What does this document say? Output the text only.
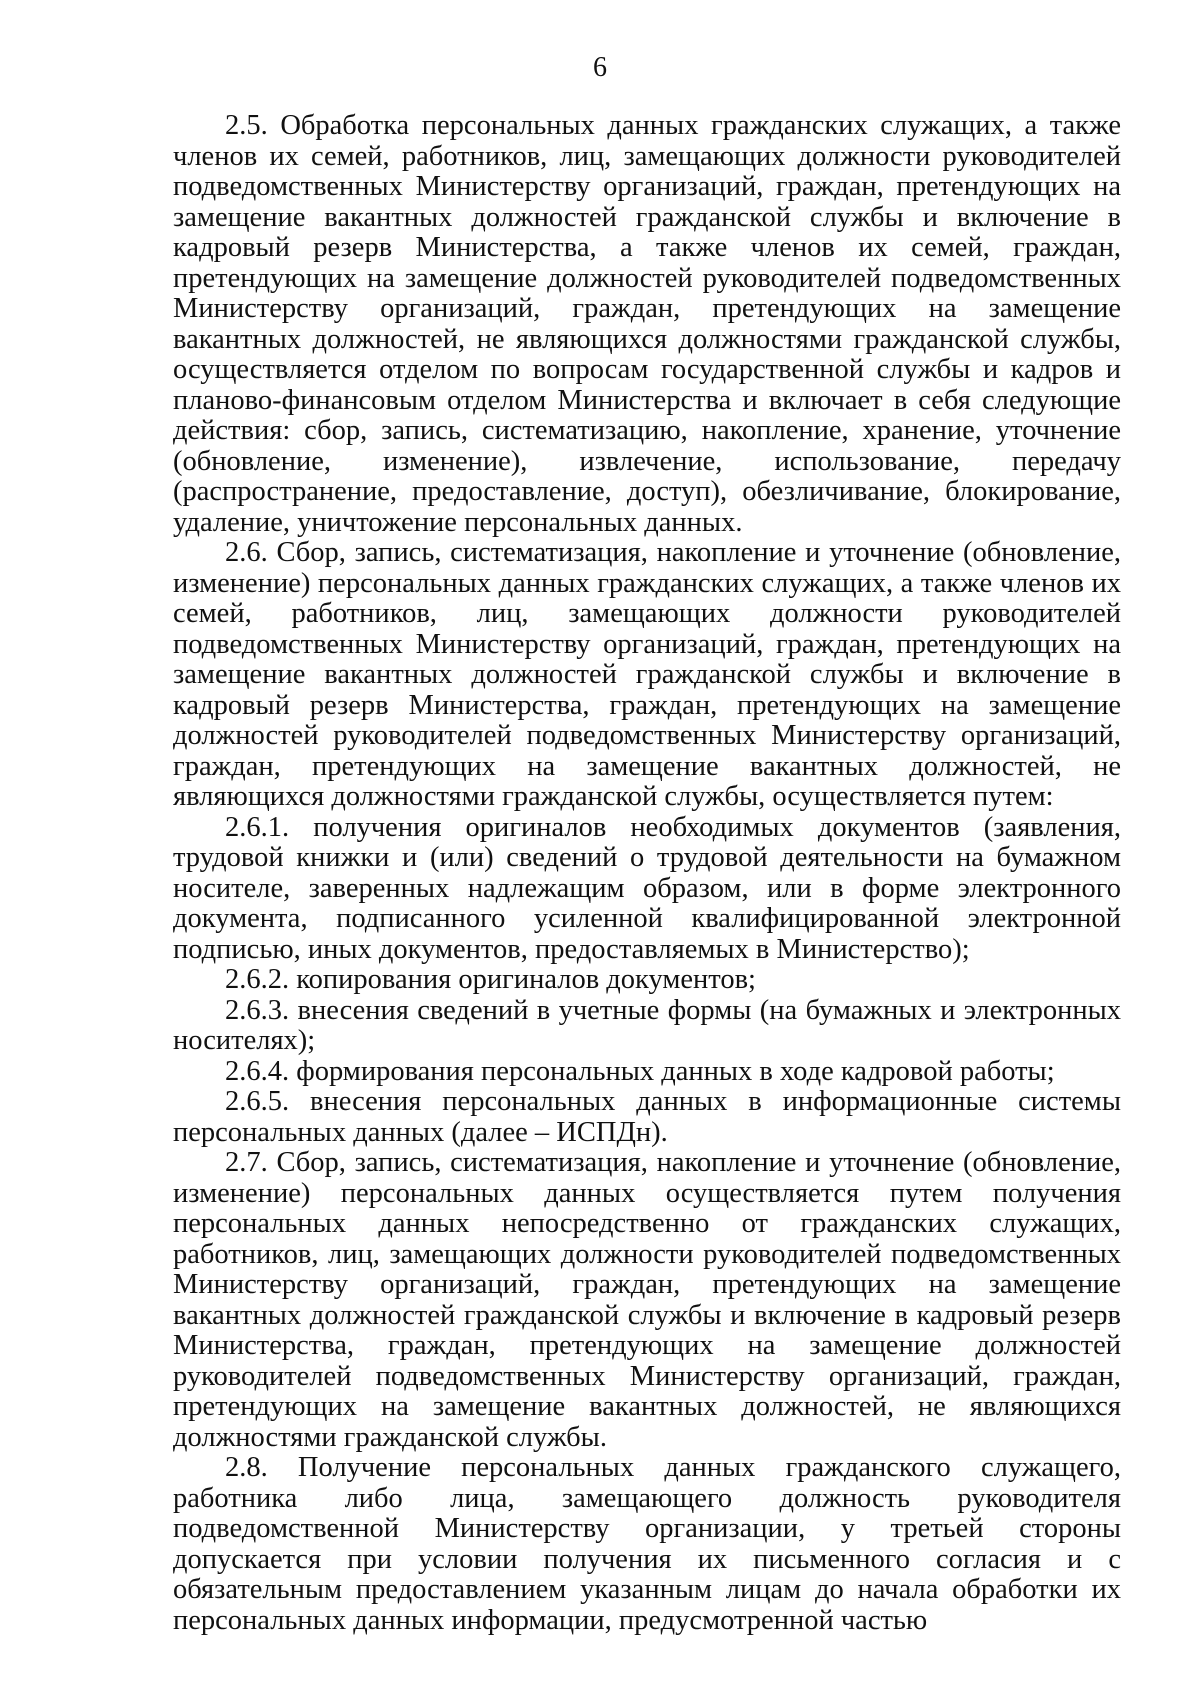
6

2.5. Обработка персональных данных гражданских служащих, а также членов их семей, работников, лиц, замещающих должности руководителей подведомственных Министерству организаций, граждан, претендующих на замещение вакантных должностей гражданской службы и включение в кадровый резерв Министерства, а также членов их семей, граждан, претендующих на замещение должностей руководителей подведомственных Министерству организаций, граждан, претендующих на замещение вакантных должностей, не являющихся должностями гражданской службы, осуществляется отделом по вопросам государственной службы и кадров и планово-финансовым отделом Министерства и включает в себя следующие действия: сбор, запись, систематизацию, накопление, хранение, уточнение (обновление, изменение), извлечение, использование, передачу (распространение, предоставление, доступ), обезличивание, блокирование, удаление, уничтожение персональных данных.

2.6. Сбор, запись, систематизация, накопление и уточнение (обновление, изменение) персональных данных гражданских служащих, а также членов их семей, работников, лиц, замещающих должности руководителей подведомственных Министерству организаций, граждан, претендующих на замещение вакантных должностей гражданской службы и включение в кадровый резерв Министерства, граждан, претендующих на замещение должностей руководителей подведомственных Министерству организаций, граждан, претендующих на замещение вакантных должностей, не являющихся должностями гражданской службы, осуществляется путем:

2.6.1. получения оригиналов необходимых документов (заявления, трудовой книжки и (или) сведений о трудовой деятельности на бумажном носителе, заверенных надлежащим образом, или в форме электронного документа, подписанного усиленной квалифицированной электронной подписью, иных документов, предоставляемых в Министерство);

2.6.2. копирования оригиналов документов;

2.6.3. внесения сведений в учетные формы (на бумажных и электронных носителях);

2.6.4. формирования персональных данных в ходе кадровой работы;

2.6.5. внесения персональных данных в информационные системы персональных данных (далее – ИСПДн).

2.7. Сбор, запись, систематизация, накопление и уточнение (обновление, изменение) персональных данных осуществляется путем получения персональных данных непосредственно от гражданских служащих, работников, лиц, замещающих должности руководителей подведомственных Министерству организаций, граждан, претендующих на замещение вакантных должностей гражданской службы и включение в кадровый резерв Министерства, граждан, претендующих на замещение должностей руководителей подведомственных Министерству организаций, граждан, претендующих на замещение вакантных должностей, не являющихся должностями гражданской службы.

2.8. Получение персональных данных гражданского служащего, работника либо лица, замещающего должность руководителя подведомственной Министерству организации, у третьей стороны допускается при условии получения их письменного согласия и с обязательным предоставлением указанным лицам до начала обработки их персональных данных информации, предусмотренной частью
